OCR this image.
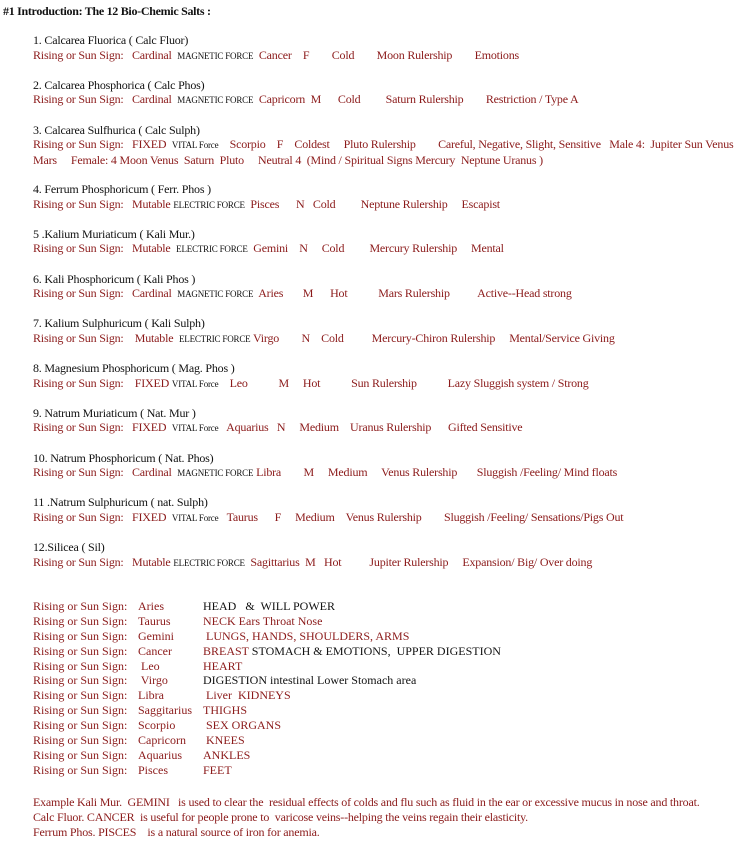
#1 Introduction: The 12 Bio-Chemic Salts :
1. Calcarea Fluorica ( Calc Fluor)
Rising or Sun Sign:   Cardinal  MAGNETIC FORCE  Cancer    F        Cold        Moon Rulership        Emotions
2. Calcarea Phosphorica ( Calc Phos)
Rising or Sun Sign:   Cardinal  MAGNETIC FORCE  Capricorn  M      Cold         Saturn Rulership        Restriction / Type A
3. Calcarea Sulfhurica ( Calc Sulph)
Rising or Sun Sign:   FIXED  VITAL Force    Scorpio    F    Coldest     Pluto Rulership        Careful, Negative, Slight, Sensitive   Male 4:  Jupiter Sun Venus Mars     Female: 4 Moon Venus  Saturn  Pluto     Neutral 4  (Mind / Spiritual Signs Mercury  Neptune Uranus )
4. Ferrum Phosphoricum ( Ferr. Phos )
Rising or Sun Sign:   Mutable ELECTRIC FORCE  Pisces      N   Cold         Neptune Rulership     Escapist
5 .Kalium Muriaticum ( Kali Mur.)
Rising or Sun Sign:   Mutable  ELECTRIC FORCE  Gemini    N     Cold         Mercury Rulership     Mental
6. Kali Phosphoricum ( Kali Phos )
Rising or Sun Sign:   Cardinal  MAGNETIC FORCE  Aries       M      Hot           Mars Rulership          Active--Head strong
7. Kalium Sulphuricum ( Kali Sulph)
Rising or Sun Sign:    Mutable  ELECTRIC FORCE Virgo        N    Cold          Mercury-Chiron Rulership     Mental/Service Giving
8. Magnesium Phosphoricum ( Mag. Phos )
Rising or Sun Sign:    FIXED VITAL Force    Leo           M     Hot           Sun Rulership           Lazy Sluggish system / Strong
9. Natrum Muriaticum ( Nat. Mur )
Rising or Sun Sign:   FIXED  VITAL Force   Aquarius   N     Medium    Uranus Rulership      Gifted Sensitive
10. Natrum Phosphoricum ( Nat. Phos)
Rising or Sun Sign:   Cardinal  MAGNETIC FORCE Libra        M     Medium     Venus Rulership       Sluggish /Feeling/ Mind floats
11 .Natrum Sulphuricum ( nat. Sulph)
Rising or Sun Sign:   FIXED  VITAL Force   Taurus      F     Medium    Venus Rulership        Sluggish /Feeling/ Sensations/Pigs Out
12.Silicea ( Sil)
Rising or Sun Sign:   Mutable ELECTRIC FORCE  Sagittarius  M   Hot          Jupiter Rulership     Expansion/ Big/ Over doing
Rising or Sun Sign: Aries	HEAD   &  WILL POWER
Rising or Sun Sign: Taurus	NECK Ears Throat Nose
Rising or Sun Sign: Gemini LUNGS, HANDS, SHOULDERS, ARMS
Rising or Sun Sign: Cancer	BREAST STOMACH & EMOTIONS,  UPPER DIGESTION
Rising or Sun Sign: Leo	HEART
Rising or Sun Sign: Virgo	DIGESTION intestinal Lower Stomach area
Rising or Sun Sign: Libra	Liver  KIDNEYS
Rising or Sun Sign: Saggitarius THIGHS
Rising or Sun Sign: Scorpio SEX ORGANS
Rising or Sun Sign: Capricorn KNEES
Rising or Sun Sign: Aquarius ANKLES
Rising or Sun Sign: Pisces	FEET
Example Kali Mur.  GEMINI   is used to clear the  residual effects of colds and flu such as fluid in the ear or excessive mucus in nose and throat.
Calc Fluor. CANCER  is useful for people prone to  varicose veins--helping the veins regain their elasticity.
Ferrum Phos. PISCES    is a natural source of iron for anemia.
